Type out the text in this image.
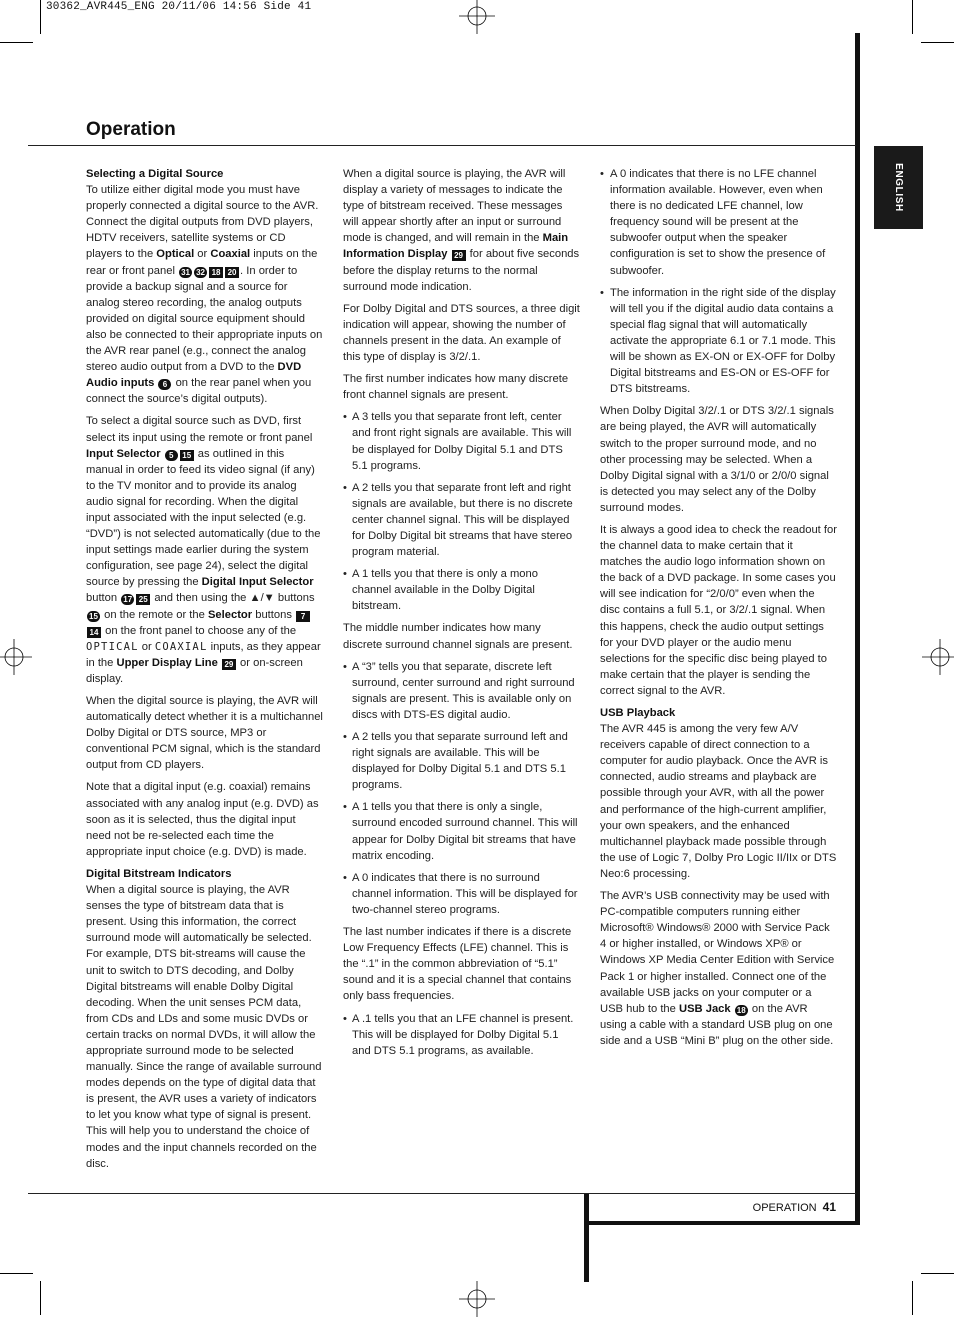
30362_AVR445_ENG 20/11/06 14:56 Side 41
Operation
ENGLISH
Selecting a Digital Source

To utilize either digital mode you must have properly connected a digital source to the AVR. Connect the digital outputs from DVD players, HDTV receivers, satellite systems or CD players to the Optical or Coaxial inputs on the rear or front panel 31 32 18 20 . In order to provide a backup signal and a source for analog stereo recording, the analog outputs provided on digital source equipment should also be connected to their appropriate inputs on the AVR rear panel (e.g., connect the analog stereo audio output from a DVD to the DVD Audio inputs 6 on the rear panel when you connect the source’s digital outputs).

To select a digital source such as DVD, first select its input using the remote or front panel Input Selector 5 15 as outlined in this manual in order to feed its video signal (if any) to the TV monitor and to provide its analog audio signal for recording. When the digital input associated with the input selected (e.g. “DVD”) is not selected automatically (due to the input settings made earlier during the system configuration, see page 24), select the digital source by pressing the Digital Input Selector button 17 25 and then using the ▲/▼ buttons 15 on the remote or the Selector buttons 714 on the front panel to choose any of the OPTICAL or COAXIAL inputs, as they appear in the Upper Display Line 29 or on-screen display.

When the digital source is playing, the AVR will automatically detect whether it is a multichannel Dolby Digital or DTS source, MP3 or conventional PCM signal, which is the standard output from CD players.

Note that a digital input (e.g. coaxial) remains associated with any analog input (e.g. DVD) as soon as it is selected, thus the digital input need not be re-selected each time the appropriate input choice (e.g. DVD) is made.

Digital Bitstream Indicators

When a digital source is playing, the AVR senses the type of bitstream data that is present. Using this information, the correct surround mode will automatically be selected. For example, DTS bit-streams will cause the unit to switch to DTS decoding, and Dolby Digital bitstreams will enable Dolby Digital decoding. When the unit senses PCM data, from CDs and LDs and some music DVDs or certain tracks on normal DVDs, it will allow the appropriate surround mode to be selected manually. Since the range of available surround modes depends on the type of digital data that is present, the AVR uses a variety of indicators to let you know what type of signal is present. This will help you to understand the choice of modes and the input channels recorded on the disc.

When a digital source is playing, the AVR will display a variety of messages to indicate the type of bitstream received. These messages will appear shortly after an input or surround mode is changed, and will remain in the Main Information Display 29 for about five seconds before the display returns to the normal surround mode indication.

For Dolby Digital and DTS sources, a three digit indication will appear, showing the number of channels present in the data. An example of this type of display is 3/2/.1.

The first number indicates how many discrete front channel signals are present.

• A 3 tells you that separate front left, center and front right signals are available. This will be displayed for Dolby Digital 5.1 and DTS 5.1 programs.
• A 2 tells you that separate front left and right signals are available, but there is no discrete center channel signal. This will be displayed for Dolby Digital bit streams that have stereo program material.
• A 1 tells you that there is only a mono channel available in the Dolby Digital bitstream.

The middle number indicates how many discrete surround channel signals are present.

• A “3” tells you that separate, discrete left surround, center surround and right surround signals are present. This is available only on discs with DTS-ES digital audio.
• A 2 tells you that separate surround left and right signals are available. This will be displayed for Dolby Digital 5.1 and DTS 5.1 programs.
• A 1 tells you that there is only a single, surround encoded surround channel. This will appear for Dolby Digital bit streams that have matrix encoding.
• A 0 indicates that there is no surround channel information. This will be displayed for two-channel stereo programs.

The last number indicates if there is a discrete Low Frequency Effects (LFE) channel. This is the “.1” in the common abbreviation of “5.1” sound and it is a special channel that contains only bass frequencies.

• A .1 tells you that an LFE channel is present. This will be displayed for Dolby Digital 5.1 and DTS 5.1 programs, as available.
• A 0 indicates that there is no LFE channel information available. However, even when there is no dedicated LFE channel, low frequency sound will be present at the subwoofer output when the speaker configuration is set to show the presence of subwoofer.
• The information in the right side of the display will tell you if the digital audio data contains a special flag signal that will automatically activate the appropriate 6.1 or 7.1 mode. This will be shown as EX-ON or EX-OFF for Dolby Digital bitstreams and ES-ON or ES-OFF for DTS bitstreams.

When Dolby Digital 3/2/.1 or DTS 3/2/.1 signals are being played, the AVR will automatically switch to the proper surround mode, and no other processing may be selected. When a Dolby Digital signal with a 3/1/0 or 2/0/0 signal is detected you may select any of the Dolby surround modes.

It is always a good idea to check the readout for the channel data to make certain that it matches the audio logo information shown on the back of a DVD package. In some cases you will see indication for “2/0/0” even when the disc contains a full 5.1, or 3/2/.1 signal. When this happens, check the audio output settings for your DVD player or the audio menu selections for the specific disc being played to make certain that the player is sending the correct signal to the AVR.

USB Playback

The AVR 445 is among the very few A/V receivers capable of direct connection to a computer for audio playback. Once the AVR is connected, audio streams and playback are possible through your AVR, with all the power and performance of the high-current amplifier, your own speakers, and the enhanced multichannel playback made possible through the use of Logic 7, Dolby Pro Logic II/IIx or DTS Neo:6 processing.

The AVR’s USB connectivity may be used with PC-compatible computers running either Microsoft® Windows® 2000 with Service Pack 4 or higher installed, or Windows XP® or Windows XP Media Center Edition with Service Pack 1 or higher installed. Connect one of the available USB jacks on your computer or a USB hub to the USB Jack 18 on the AVR using a cable with a standard USB plug on one side and a USB “Mini B” plug on the other side.

OPERATION 41
